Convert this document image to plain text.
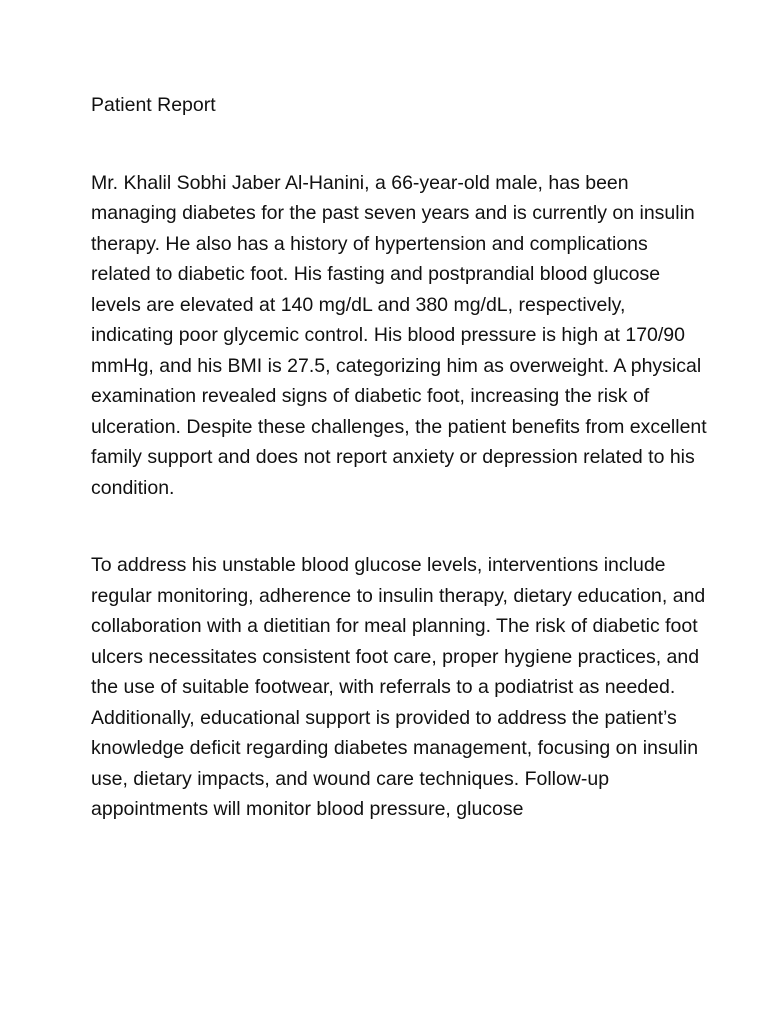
Patient Report

Mr. Khalil Sobhi Jaber Al-Hanini, a 66-year-old male, has been managing diabetes for the past seven years and is currently on insulin therapy. He also has a history of hypertension and complications related to diabetic foot. His fasting and postprandial blood glucose levels are elevated at 140 mg/dL and 380 mg/dL, respectively, indicating poor glycemic control. His blood pressure is high at 170/90 mmHg, and his BMI is 27.5, categorizing him as overweight. A physical examination revealed signs of diabetic foot, increasing the risk of ulceration. Despite these challenges, the patient benefits from excellent family support and does not report anxiety or depression related to his condition.

To address his unstable blood glucose levels, interventions include regular monitoring, adherence to insulin therapy, dietary education, and collaboration with a dietitian for meal planning. The risk of diabetic foot ulcers necessitates consistent foot care, proper hygiene practices, and the use of suitable footwear, with referrals to a podiatrist as needed. Additionally, educational support is provided to address the patient’s knowledge deficit regarding diabetes management, focusing on insulin use, dietary impacts, and wound care techniques. Follow-up appointments will monitor blood pressure, glucose
